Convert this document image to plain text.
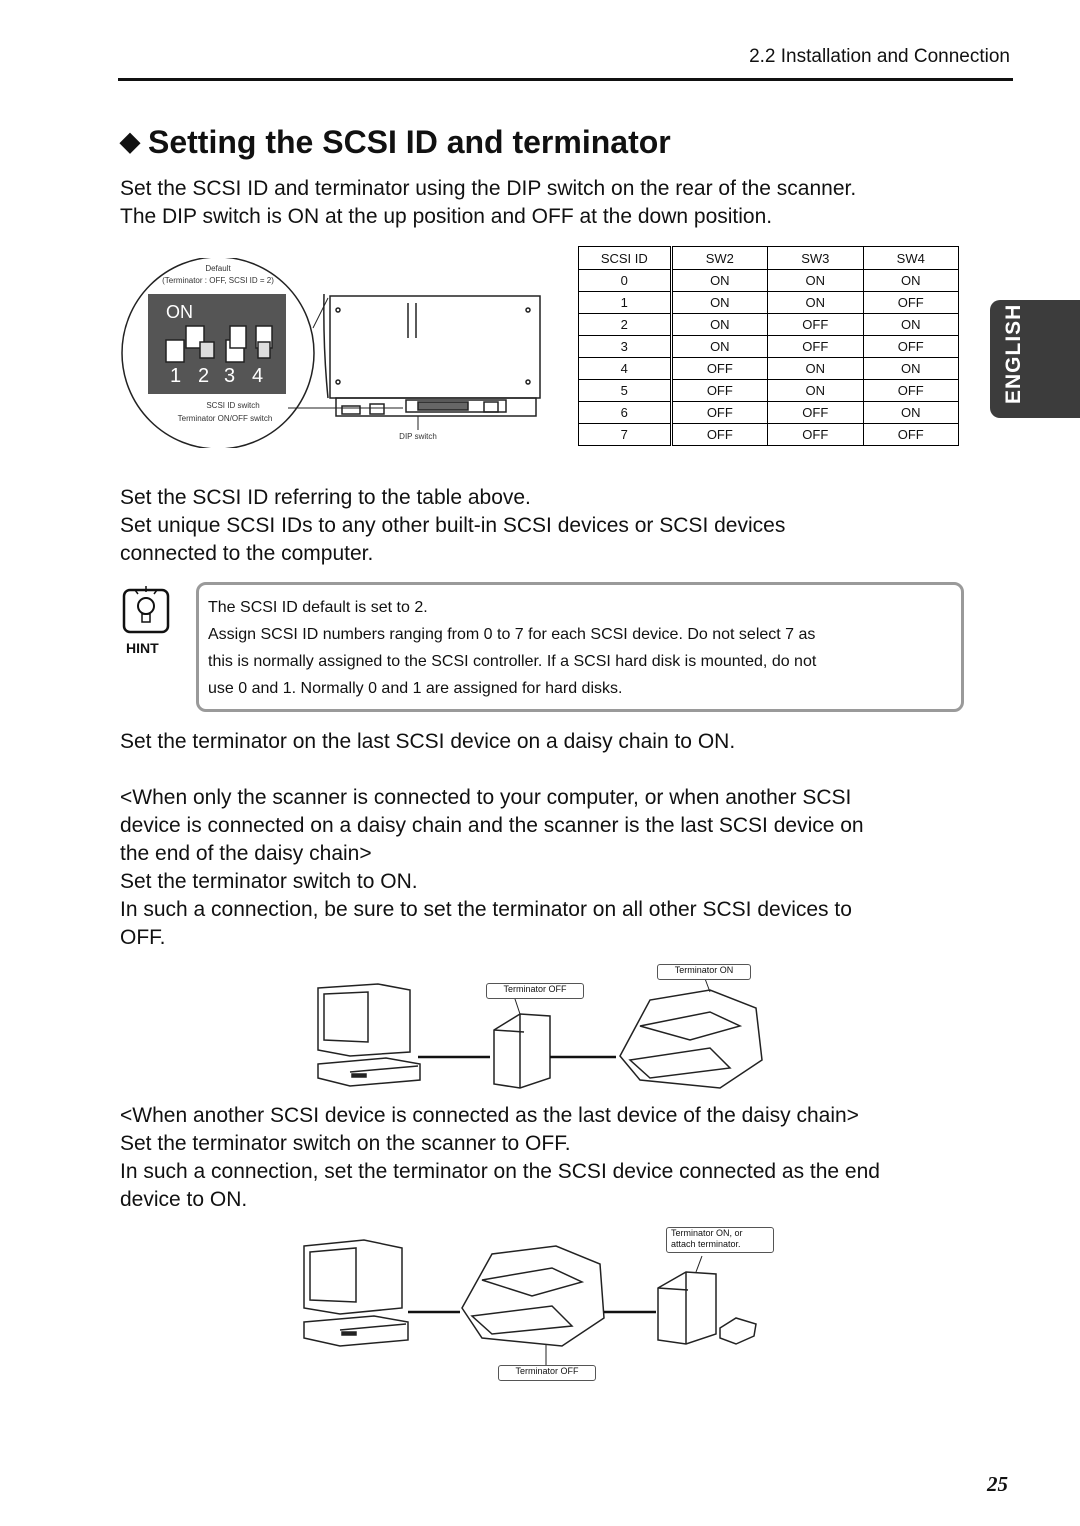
2.2 Installation and Connection
◆ Setting the SCSI ID and terminator

Set the SCSI ID and terminator using the DIP switch on the rear of the scanner.

The DIP switch is ON at the up position and OFF at the down position.

ON
1 2 3 4
Default
(Terminator : OFF, SCSI ID = 2)
SCSI ID switch
Terminator ON/OFF switch
DIP switch
SCSI ID	SW2	SW3	SW4
0	ON	ON	ON
1	ON	ON	OFF
2	ON	OFF	ON
3	ON	OFF	OFF
4	OFF	ON	ON
5	OFF	ON	OFF
6	OFF	OFF	ON
7	OFF	OFF	OFF
ENGLISH

Set the SCSI ID referring to the table above.

Set unique SCSI IDs to any other built-in SCSI devices or SCSI devices

connected to the computer.

HINT
The SCSI ID default is set to 2.
Assign SCSI ID numbers ranging from 0 to 7 for each SCSI device. Do not select 7 as
this is normally assigned to the SCSI controller. If a SCSI hard disk is mounted, do not
use 0 and 1. Normally 0 and 1 are assigned for hard disks.
Set the terminator on the last SCSI device on a daisy chain to ON.

<When only the scanner is connected to your computer, or when another SCSI

device is connected on a daisy chain and the scanner is the last SCSI device on

the end of the daisy chain>

Set the terminator switch to ON.

In such a connection, be sure to set the terminator on all other SCSI devices to

OFF.

Terminator OFF
Terminator ON

<When another SCSI device is connected as the last device of the daisy chain>

Set the terminator switch on the scanner to OFF.

In such a connection, set the terminator on the SCSI device connected as the end

device to ON.

Terminator ON, or
attach terminator.
Terminator OFF
25
